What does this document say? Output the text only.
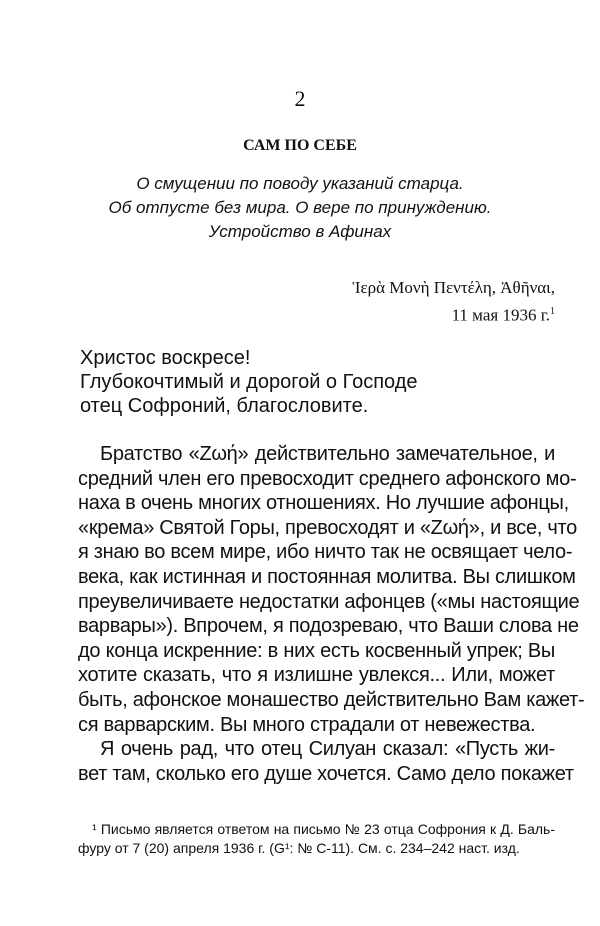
2
САМ ПО СЕБЕ
О смущении по поводу указаний старца.
Об отпусте без мира. О вере по принуждению.
Устройство в Афинах
Ἱερὰ Μονὴ Πεντέλη, Ἀθῆναι,
11 мая 1936 г.$^1$
Христос воскресе!
Глубокочтимый и дорогой о Господе
отец Софроний, благословите.
Братство «Ζωή» действительно замечательное, и
средний член его превосходит среднего афонского мо-
наха в очень многих отношениях. Но лучшие афонцы,
«крема» Святой Горы, превосходят и «Ζωή», и все, что
я знаю во всем мире, ибо ничто так не освящает чело-
века, как истинная и постоянная молитва. Вы слишком
преувеличиваете недостатки афонцев («мы настоящие
варвары»). Впрочем, я подозреваю, что Ваши слова не
до конца искренние: в них есть косвенный упрек; Вы
хотите сказать, что я излишне увлекся... Или, может
быть, афонское монашество действительно Вам кажет-
ся варварским. Вы много страдали от невежества.
Я очень рад, что отец Силуан сказал: «Пусть жи-
вет там, сколько его душе хочется. Само дело покажет
¹ Письмо является ответом на письмо № 23 отца Софрония к Д. Баль-
фуру от 7 (20) апреля 1936 г. (G¹: № С-11). См. с. 234–242 наст. изд.
